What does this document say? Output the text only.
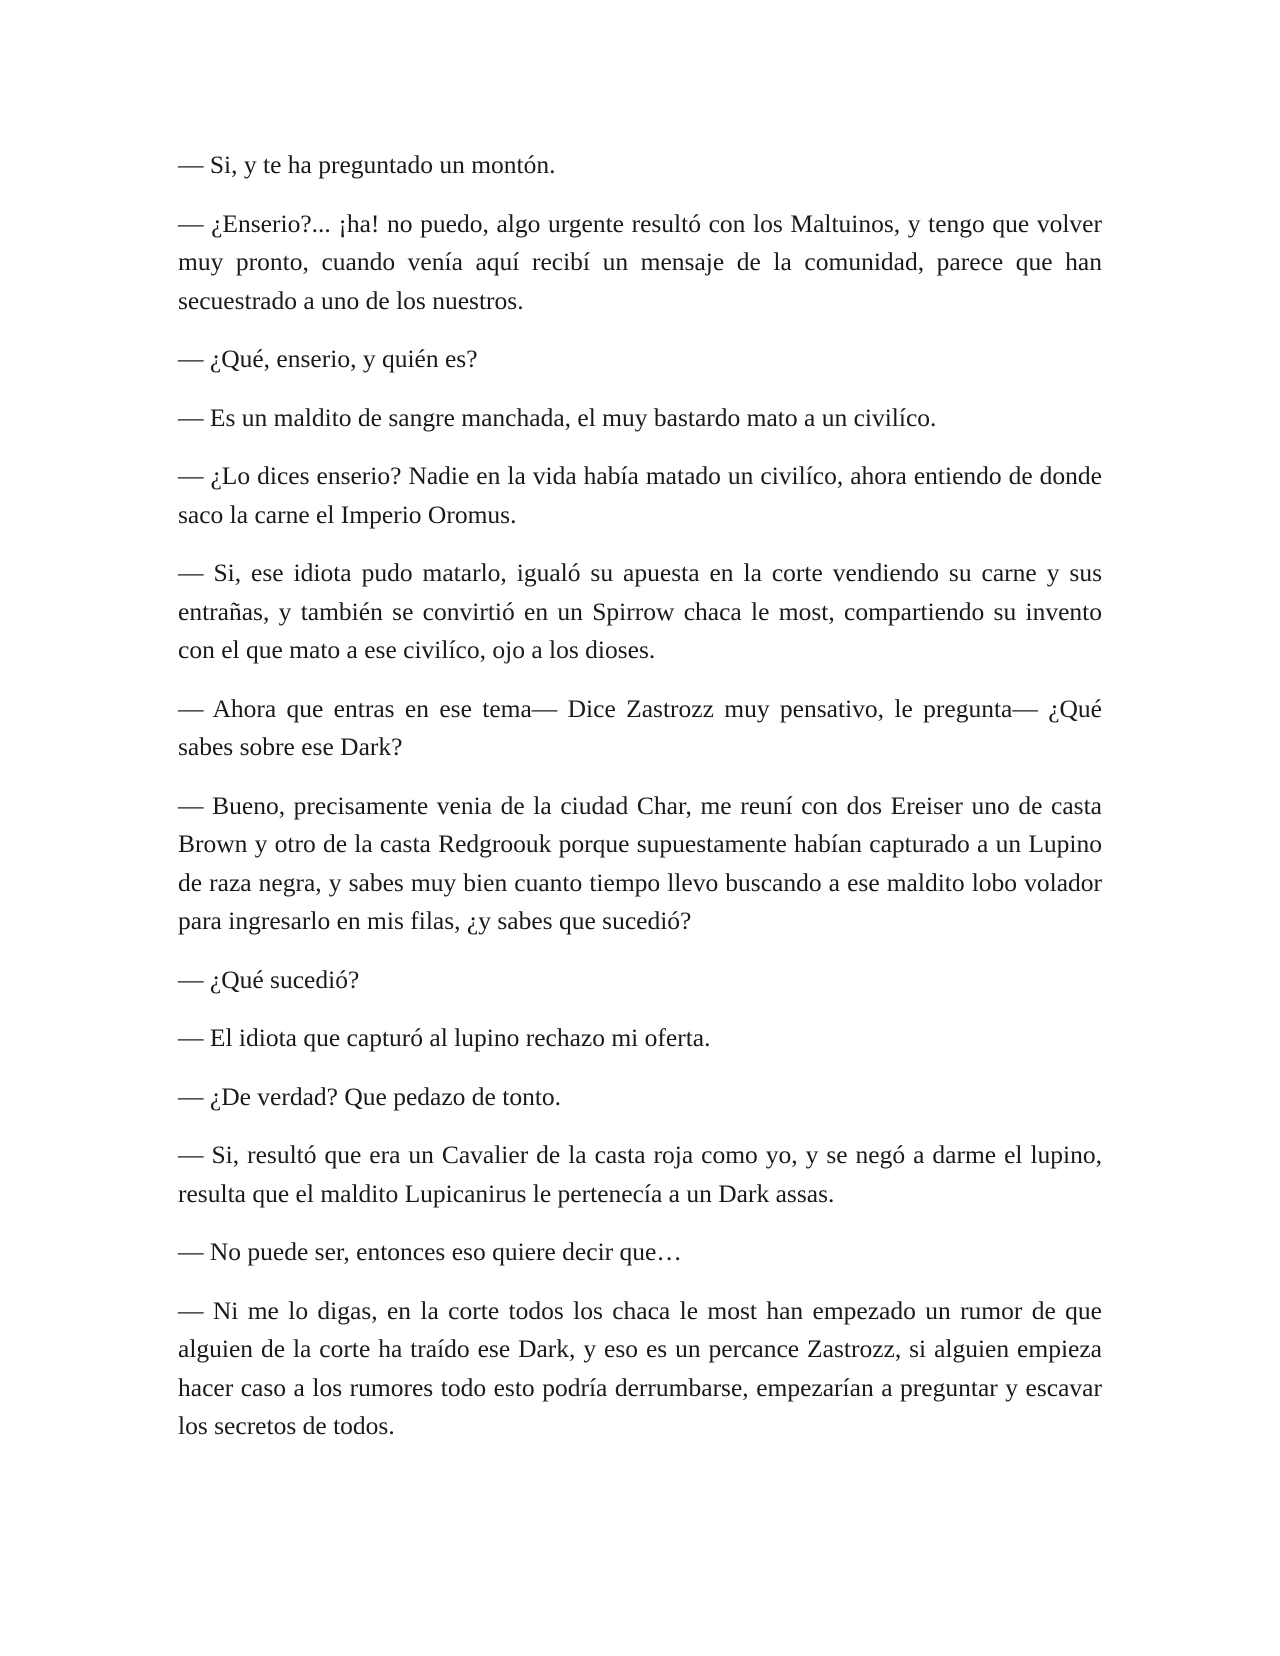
— Si, y te ha preguntado un montón.

— ¿Enserio?... ¡ha! no puedo, algo urgente resultó con los Maltuinos, y tengo que volver muy pronto, cuando venía aquí recibí un mensaje de la comunidad, parece que han secuestrado a uno de los nuestros.

— ¿Qué, enserio, y quién es?

— Es un maldito de sangre manchada, el muy bastardo mato a un civilíco.

— ¿Lo dices enserio? Nadie en la vida había matado un civilíco, ahora entiendo de donde saco la carne el Imperio Oromus.

— Si, ese idiota pudo matarlo, igualó su apuesta en la corte vendiendo su carne y sus entrañas, y también se convirtió en un Spirrow chaca le most, compartiendo su invento con el que mato a ese civilíco, ojo a los dioses.

— Ahora que entras en ese tema— Dice Zastrozz muy pensativo, le pregunta— ¿Qué sabes sobre ese Dark?

— Bueno, precisamente venia de la ciudad Char, me reuní con dos Ereiser uno de casta Brown y otro de la casta Redgroouk porque supuestamente habían capturado a un Lupino de raza negra, y sabes muy bien cuanto tiempo llevo buscando a ese maldito lobo volador para ingresarlo en mis filas, ¿y sabes que sucedió?

— ¿Qué sucedió?

— El idiota que capturó al lupino rechazo mi oferta.

— ¿De verdad? Que pedazo de tonto.

— Si, resultó que era un Cavalier de la casta roja como yo, y se negó a darme el lupino, resulta que el maldito Lupicanirus le pertenecía a un Dark assas.

— No puede ser, entonces eso quiere decir que…

— Ni me lo digas, en la corte todos los chaca le most han empezado un rumor de que alguien de la corte ha traído ese Dark, y eso es un percance Zastrozz, si alguien empieza hacer caso a los rumores todo esto podría derrumbarse, empezarían a preguntar y escavar los secretos de todos.
